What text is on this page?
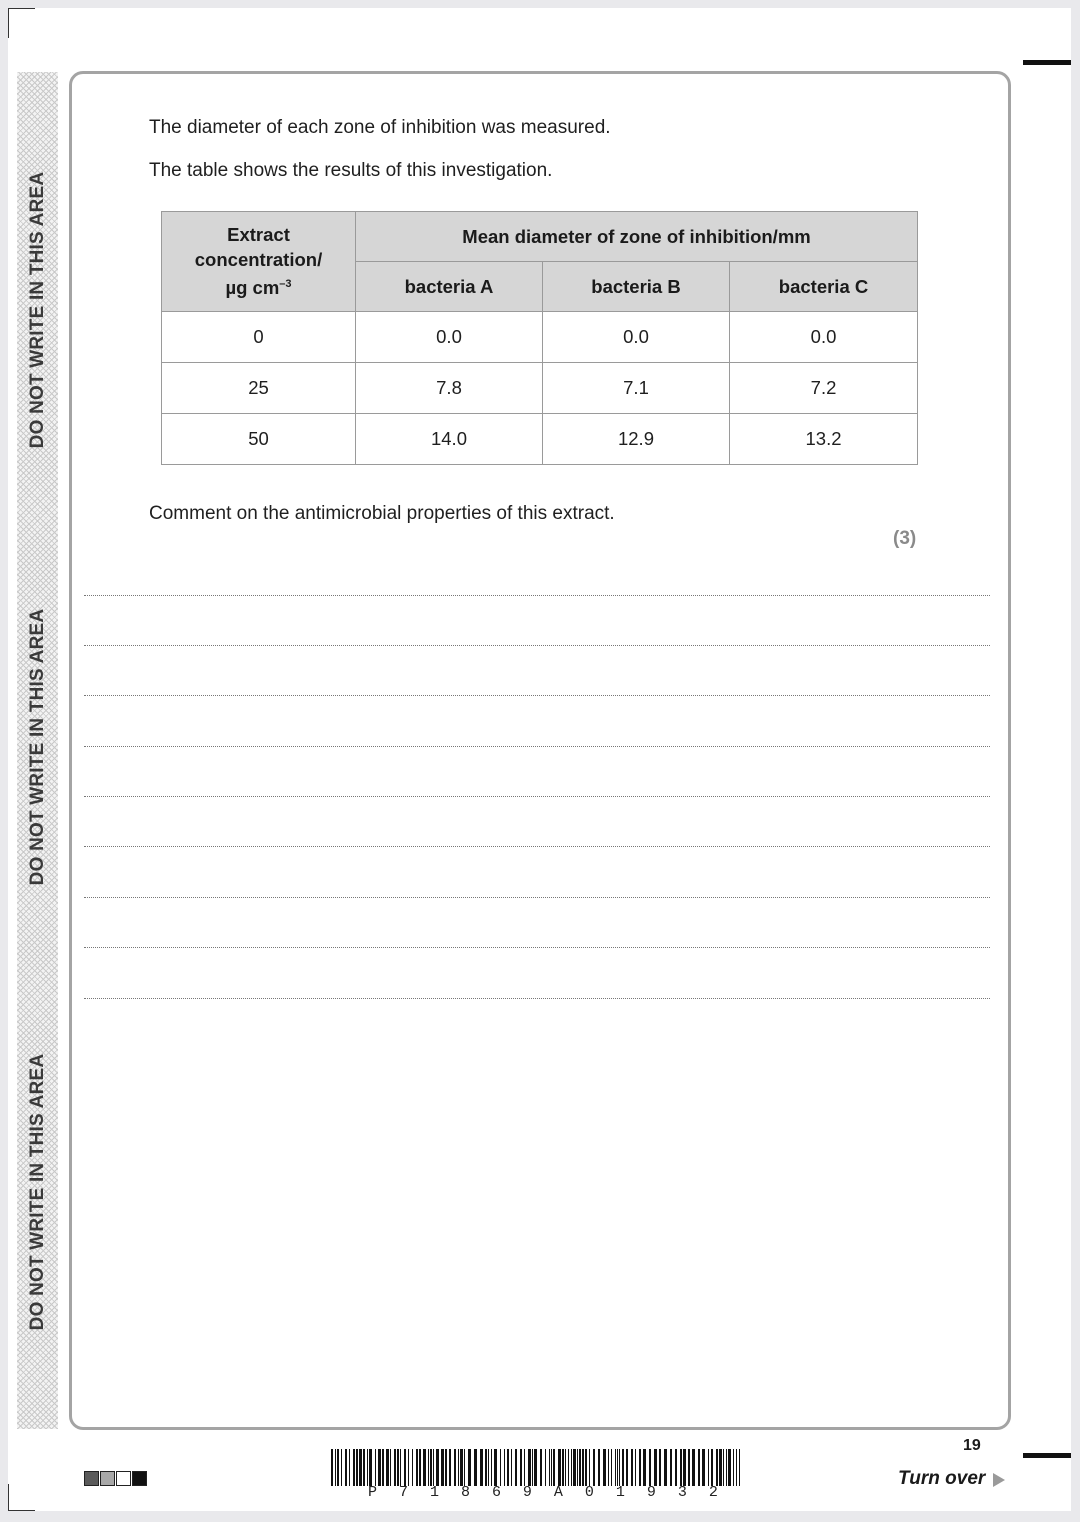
DO NOT WRITE IN THIS AREA
DO NOT WRITE IN THIS AREA
DO NOT WRITE IN THIS AREA
The diameter of each zone of inhibition was measured.
The table shows the results of this investigation.
Extract
concentration/
µg $cm^{-3}$	Mean diameter of zone of inhibition/mm		
	bacteria A	bacteria B	bacteria C
0	0.0	0.0	0.0
25	7.8	7.1	7.2
50	14.0	12.9	13.2
Comment on the antimicrobial properties of this extract.
(3)
P 7 1 8 6 9 A 0 1 9 3 2
19
Turn over
